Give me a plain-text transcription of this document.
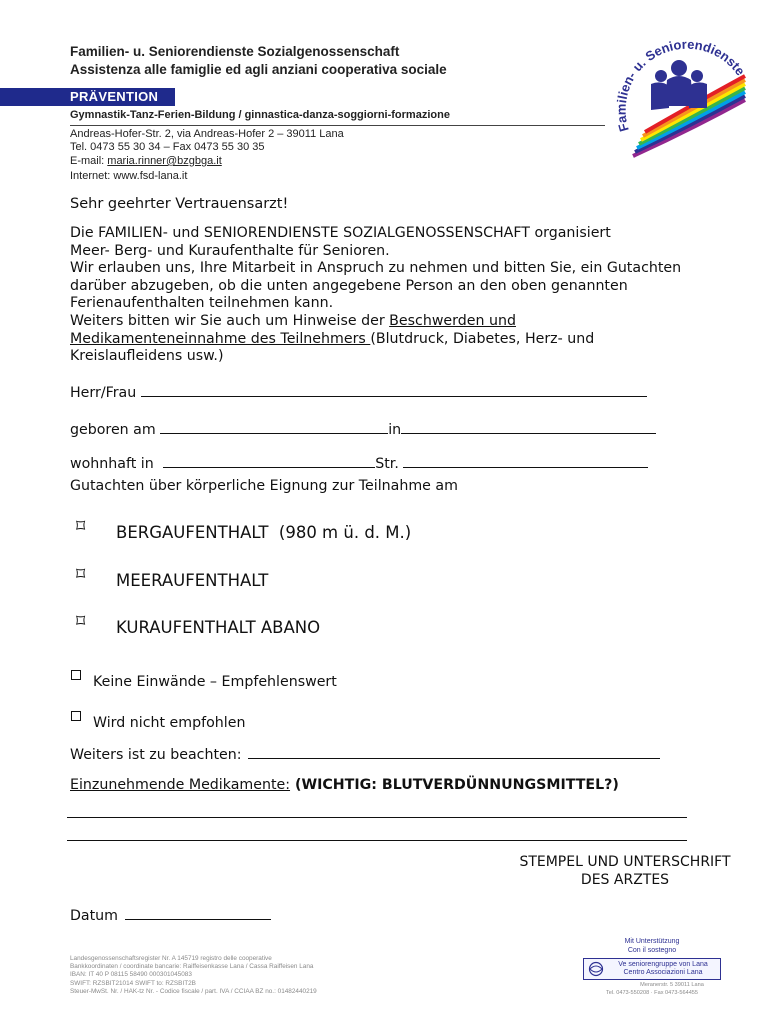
Familien- u. Seniorendienste Sozialgenossenschaft
Assistenza alle famiglie ed agli anziani cooperativa sociale
PRÄVENTION
Gymnastik-Tanz-Ferien-Bildung / ginnastica-danza-soggiorni-formazione
Andreas-Hofer-Str. 2, via Andreas-Hofer 2 – 39011 Lana
Tel. 0473 55 30 34 – Fax 0473 55 30 35
E-mail: maria.rinner@bzgbga.it
Internet: www.fsd-lana.it
Familien- u. Seniorendienste
Sehr geehrter Vertrauensarzt!
Die FAMILIEN- und SENIORENDIENSTE SOZIALGENOSSENSCHAFT organisiert
Meer- Berg- und Kuraufenthalte für Senioren.
Wir erlauben uns, Ihre Mitarbeit in Anspruch zu nehmen und bitten Sie, ein Gutachten
darüber abzugeben, ob die unten angegebene Person an den oben genannten
Ferienaufenthalten teilnehmen kann.
Weiters bitten wir Sie auch um Hinweise der Beschwerden und
Medikamenteneinnahme des Teilnehmers (Blutdruck, Diabetes, Herz- und
Kreislaufleidens usw.)
Herr/Frau
geboren am	in
wohnhaft in	Str.
Gutachten über körperliche Eignung zur Teilnahme am
⌑ BERGAUFENTHALT  (980 m ü. d. M.)
⌑ MEERAUFENTHALT
⌑ KURAUFENTHALT ABANO
Keine Einwände – Empfehlenswert
Wird nicht empfohlen
Weiters ist zu beachten:
Einzunehmende Medikamente: (WICHTIG: BLUTVERDÜNNUNGSMITTEL?)
STEMPEL UND UNTERSCHRIFT
DES ARZTES
Datum
Landesgenossenschaftsregister Nr. A 145719 registro delle cooperative
Bankkoordinaten / coordinate bancarie: Raiffeisenkasse Lana / Cassa Raiffeisen Lana
IBAN: IT 40 P 08115 58490 000301045083
SWIFT: RZSBIT21014 SWIFT to: RZSBIT2B
Steuer-MwSt. Nr. / HAK-tz Nr. - Codice fiscale / part. IVA / CCIAA BZ no.: 01482440219
Mit Unterstützung
Con il sostegno
Ve seniorengruppe von Lana
Centro Associazioni Lana
Meranerstr. 5 39011 Lana
Tel. 0473-550208 · Fax 0473-564455
